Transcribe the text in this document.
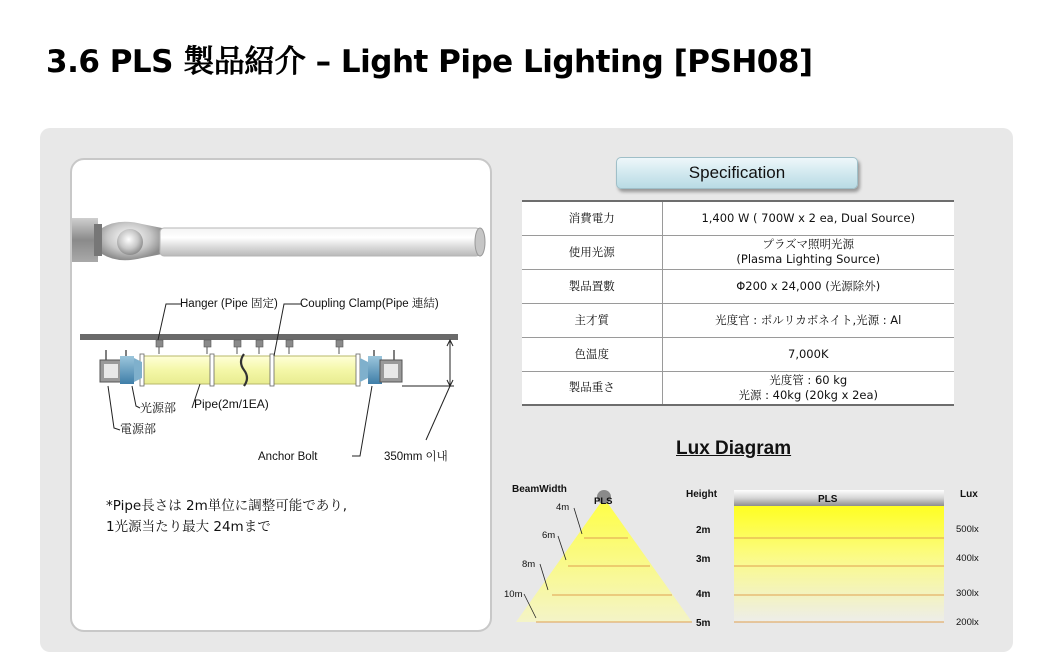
3.6 PLS 製品紹介 – Light Pipe Lighting [PSH08]
Hanger (Pipe 固定) Coupling Clamp(Pipe 連結)
光源部 Pipe(2m/1EA)
電源部
Anchor Bolt	350mm 이내
*Pipe長さは 2m単位に調整可能であり,
1光源当たり最大 24mまで
Specification
消費電力	1,400 W ( 700W x 2 ea, Dual Source)
使用光源	プラズマ照明光源
(Plasma Lighting Source)

製品置數	Φ200 x 24,000 (光源除外)
主才質	光度官 : ポルリカボネイト,光源 : Al
色温度	7,000K
製品重さ	光度管 : 60 kg
光源 : 40kg (20kg x 2ea)
Lux Diagram
BeamWidth
PLS
4m
6m
8m
10m
Height	Lux
PLS
2m
3m
4m
5m
500lx
400lx
300lx
200lx
